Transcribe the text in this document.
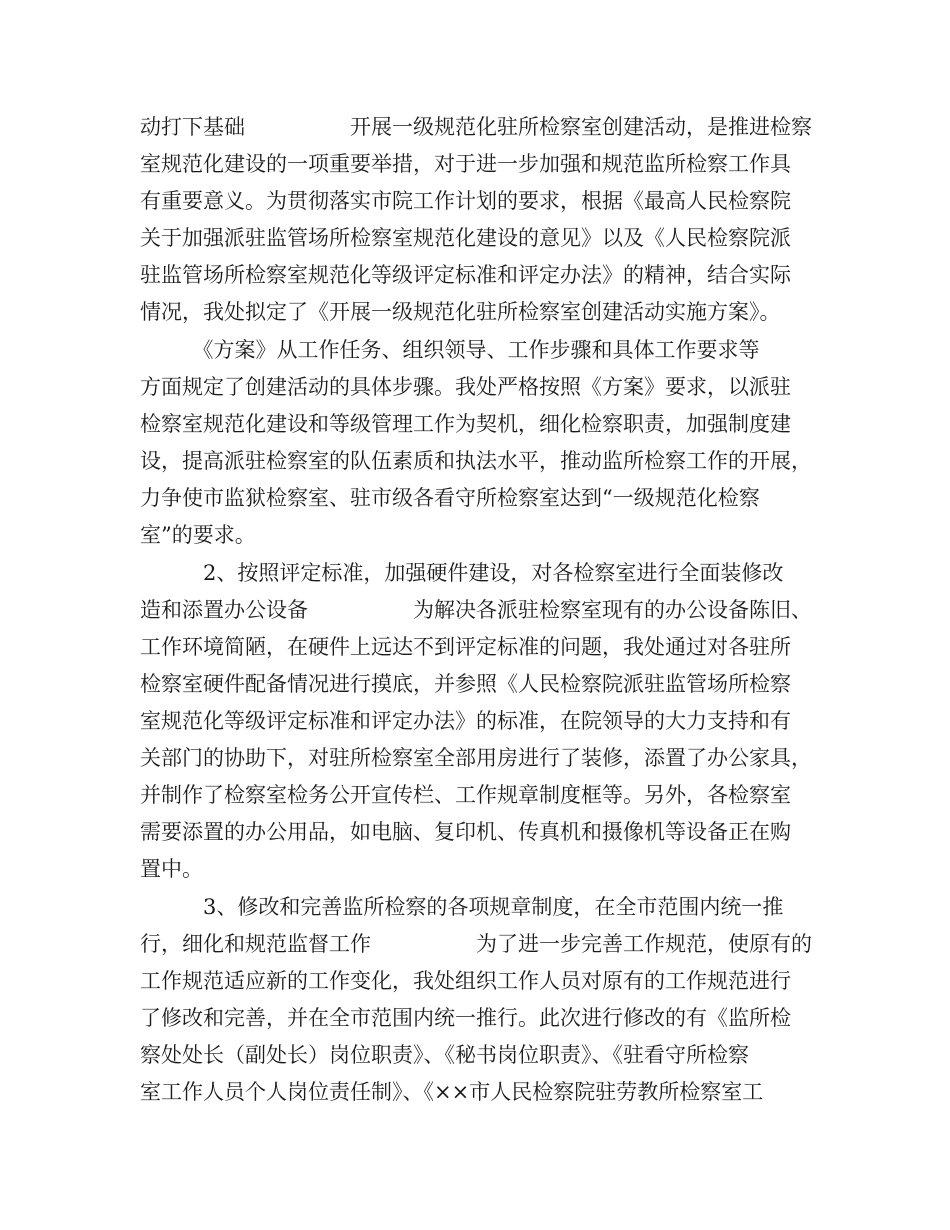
动打下基础　　　　　开展一级规范化驻所检察室创建活动，是推进检察
室规范化建设的一项重要举措，对于进一步加强和规范监所检察工作具
有重要意义。为贯彻落实市院工作计划的要求，根据《最高人民检察院
关于加强派驻监管场所检察室规范化建设的意见》以及《人民检察院派
驻监管场所检察室规范化等级评定标准和评定办法》的精神，结合实际
情况，我处拟定了《开展一级规范化驻所检察室创建活动实施方案》。
　　　《方案》从工作任务、组织领导、工作步骤和具体工作要求等
方面规定了创建活动的具体步骤。我处严格按照《方案》要求，以派驻
检察室规范化建设和等级管理工作为契机，细化检察职责，加强制度建
设，提高派驻检察室的队伍素质和执法水平，推动监所检察工作的开展，
力争使市监狱检察室、驻市级各看守所检察室达到“一级规范化检察
室”的要求。
　　　2、按照评定标准，加强硬件建设，对各检察室进行全面装修改
造和添置办公设备　　　　　为解决各派驻检察室现有的办公设备陈旧、
工作环境简陋，在硬件上远达不到评定标准的问题，我处通过对各驻所
检察室硬件配备情况进行摸底，并参照《人民检察院派驻监管场所检察
室规范化等级评定标准和评定办法》的标准，在院领导的大力支持和有
关部门的协助下，对驻所检察室全部用房进行了装修，添置了办公家具，
并制作了检察室检务公开宣传栏、工作规章制度框等。另外，各检察室
需要添置的办公用品，如电脑、复印机、传真机和摄像机等设备正在购
置中。
　　　3、修改和完善监所检察的各项规章制度，在全市范围内统一推
行，细化和规范监督工作　　　　　为了进一步完善工作规范，使原有的
工作规范适应新的工作变化，我处组织工作人员对原有的工作规范进行
了修改和完善，并在全市范围内统一推行。此次进行修改的有《监所检
察处处长（副处长）岗位职责》、《秘书岗位职责》、《驻看守所检察
室工作人员个人岗位责任制》、《××市人民检察院驻劳教所检察室工
